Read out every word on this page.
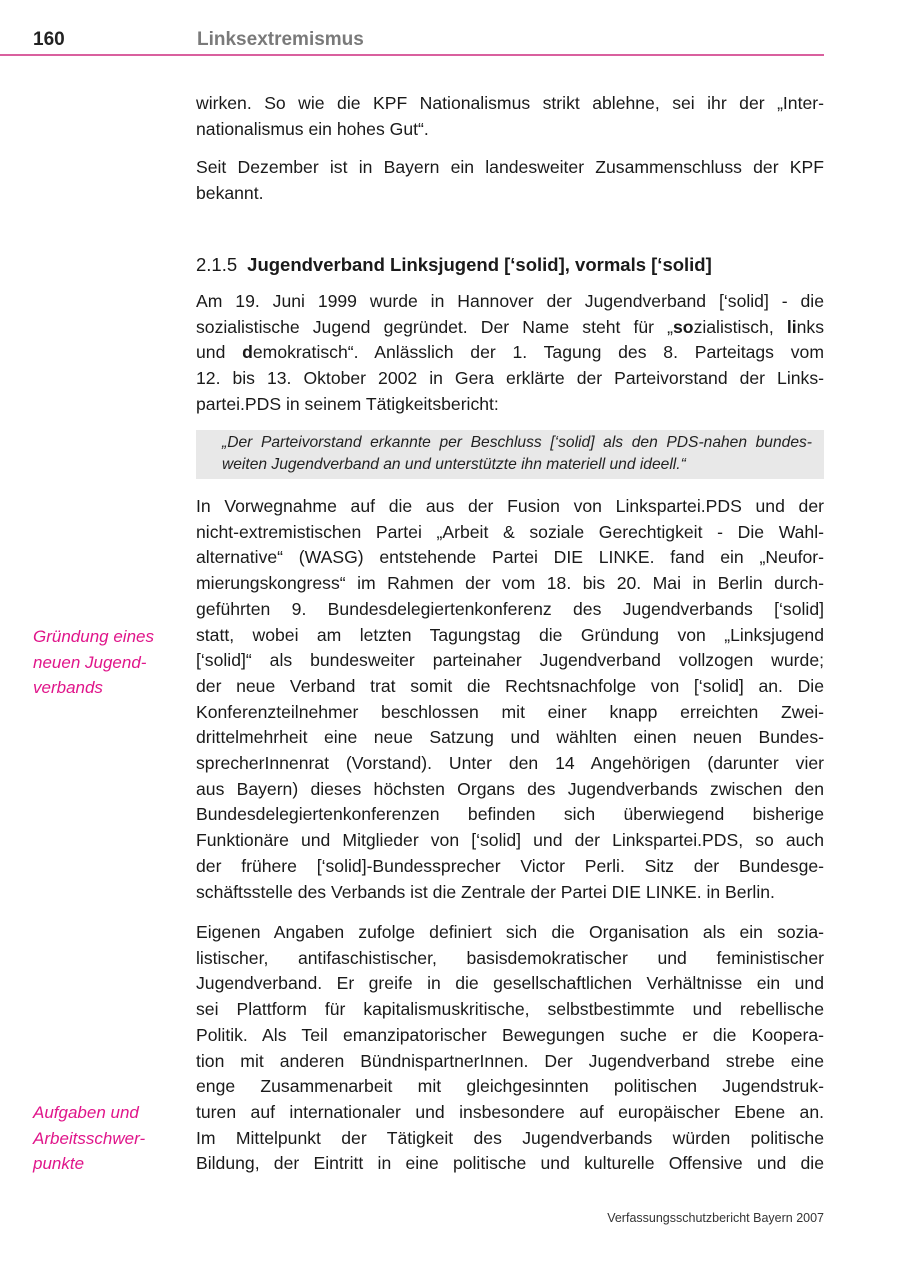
160	Linksextremismus
wirken. So wie die KPF Nationalismus strikt ablehne, sei ihr der „Inter-
nationalismus ein hohes Gut“.
Seit Dezember ist in Bayern ein landesweiter Zusammenschluss der KPF
bekannt.
2.1.5 Jugendverband Linksjugend [‘solid], vormals [‘solid]
Am 19. Juni 1999 wurde in Hannover der Jugendverband [‘solid] - die
sozialistische Jugend gegründet. Der Name steht für „sozialistisch, links
und demokratisch“. Anlässlich der 1. Tagung des 8. Parteitags vom
12. bis 13. Oktober 2002 in Gera erklärte der Parteivorstand der Links-
partei.PDS in seinem Tätigkeitsbericht:
„Der Parteivorstand erkannte per Beschluss [‘solid] als den PDS-nahen bundes-
weiten Jugendverband an und unterstützte ihn materiell und ideell.“
In Vorwegnahme auf die aus der Fusion von Linkspartei.PDS und der
nicht-extremistischen Partei „Arbeit & soziale Gerechtigkeit - Die Wahl-
alternative“ (WASG) entstehende Partei DIE LINKE. fand ein „Neufor-
mierungskongress“ im Rahmen der vom 18. bis 20. Mai in Berlin durch-
geführten 9. Bundesdelegiertenkonferenz des Jugendverbands [‘solid]
statt, wobei am letzten Tagungstag die Gründung von „Linksjugend
[‘solid]“ als bundesweiter parteinaher Jugendverband vollzogen wurde;
der neue Verband trat somit die Rechtsnachfolge von [‘solid] an. Die
Konferenzteilnehmer beschlossen mit einer knapp erreichten Zwei-
drittelmehrheit eine neue Satzung und wählten einen neuen Bundes-
sprecherInnenrat (Vorstand). Unter den 14 Angehörigen (darunter vier
aus Bayern) dieses höchsten Organs des Jugendverbands zwischen den
Bundesdelegiertenkonferenzen befinden sich überwiegend bisherige
Funktionäre und Mitglieder von [‘solid] und der Linkspartei.PDS, so auch
der frühere [‘solid]-Bundessprecher Victor Perli. Sitz der Bundesge-
schäftsstelle des Verbands ist die Zentrale der Partei DIE LINKE. in Berlin.
Eigenen Angaben zufolge definiert sich die Organisation als ein sozia-
listischer, antifaschistischer, basisdemokratischer und feministischer
Jugendverband. Er greife in die gesellschaftlichen Verhältnisse ein und
sei Plattform für kapitalismuskritische, selbstbestimmte und rebellische
Politik. Als Teil emanzipatorischer Bewegungen suche er die Koopera-
tion mit anderen BündnispartnerInnen. Der Jugendverband strebe eine
enge Zusammenarbeit mit gleichgesinnten politischen Jugendstruk-
turen auf internationaler und insbesondere auf europäischer Ebene an.
Im Mittelpunkt der Tätigkeit des Jugendverbands würden politische
Bildung, der Eintritt in eine politische und kulturelle Offensive und die
Gründung eines
neuen Jugend-
verbands
Aufgaben und
Arbeitsschwer-
punkte
Verfassungsschutzbericht Bayern 2007
